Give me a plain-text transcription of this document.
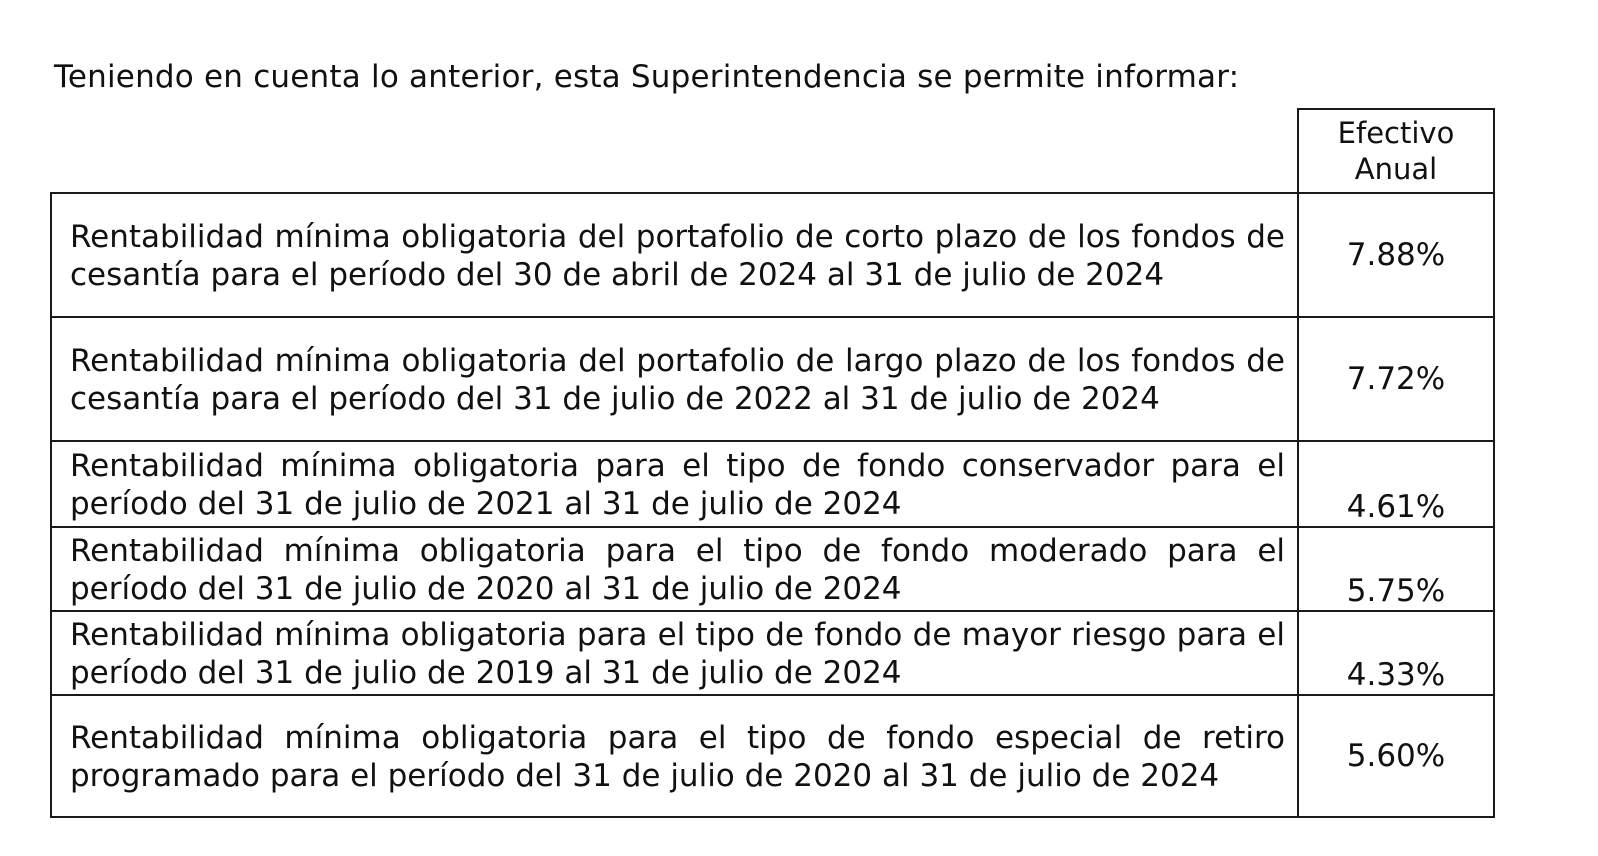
Teniendo en cuenta lo anterior, esta Superintendencia se permite informar:

	Efectivo
Anual

Rentabilidad mínima obligatoria del portafolio de corto plazo de los fondos de cesantía para el período del 30 de abril de 2024 al 31 de julio de 2024	7.88%
Rentabilidad mínima obligatoria del portafolio de largo plazo de los fondos de cesantía para el período del 31 de julio de 2022 al 31 de julio de 2024	7.72%
Rentabilidad mínima obligatoria para el tipo de fondo conservador para el período del 31 de julio de 2021 al 31 de julio de 2024	4.61%
Rentabilidad mínima obligatoria para el tipo de fondo moderado para el período del 31 de julio de 2020 al 31 de julio de 2024	5.75%
Rentabilidad mínima obligatoria para el tipo de fondo de mayor riesgo para el período del 31 de julio de 2019 al 31 de julio de 2024	4.33%
Rentabilidad mínima obligatoria para el tipo de fondo especial de retiro programado para el período del 31 de julio de 2020 al 31 de julio de 2024	5.60%
